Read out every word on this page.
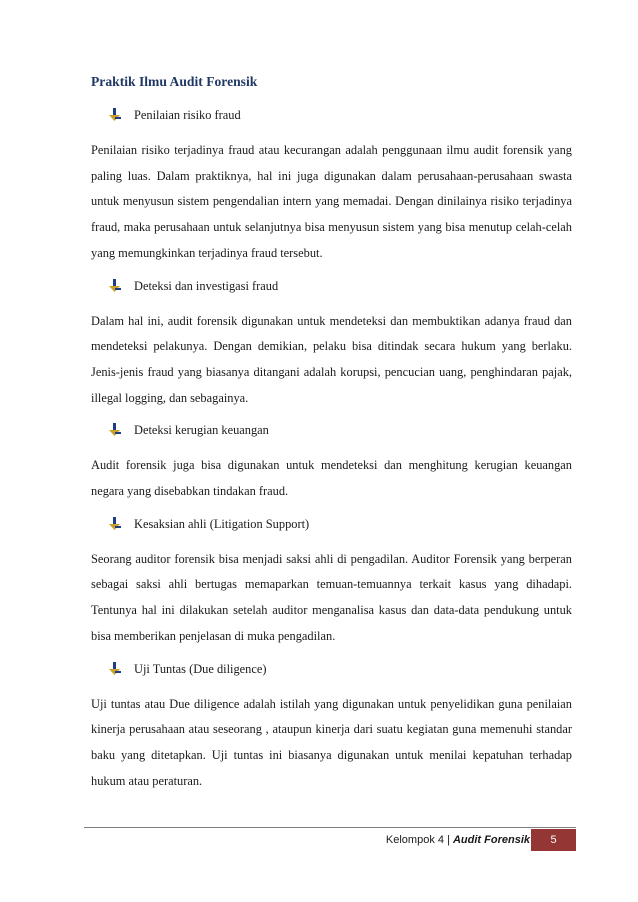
Praktik Ilmu Audit Forensik
Penilaian risiko fraud

Penilaian risiko terjadinya fraud atau kecurangan adalah penggunaan ilmu audit forensik yang paling luas. Dalam praktiknya, hal ini juga digunakan dalam perusahaan-perusahaan swasta untuk menyusun sistem pengendalian intern yang memadai. Dengan dinilainya risiko terjadinya fraud, maka perusahaan untuk selanjutnya bisa menyusun sistem yang bisa menutup celah-celah yang memungkinkan terjadinya fraud tersebut.

Deteksi dan investigasi fraud

Dalam hal ini, audit forensik digunakan untuk mendeteksi dan membuktikan adanya fraud dan mendeteksi pelakunya. Dengan demikian, pelaku bisa ditindak secara hukum yang berlaku. Jenis-jenis fraud yang biasanya ditangani adalah korupsi, pencucian uang, penghindaran pajak, illegal logging, dan sebagainya.

Deteksi kerugian keuangan

Audit forensik juga bisa digunakan untuk mendeteksi dan menghitung kerugian keuangan negara yang disebabkan tindakan fraud.

Kesaksian ahli (Litigation Support)

Seorang auditor forensik bisa menjadi saksi ahli di pengadilan. Auditor Forensik yang berperan sebagai saksi ahli bertugas memaparkan temuan-temuannya terkait kasus yang dihadapi. Tentunya hal ini dilakukan setelah auditor menganalisa kasus dan data-data pendukung untuk bisa memberikan penjelasan di muka pengadilan.

Uji Tuntas (Due diligence)

Uji tuntas atau Due diligence adalah istilah yang digunakan untuk penyelidikan guna penilaian kinerja perusahaan atau seseorang , ataupun kinerja dari suatu kegiatan guna memenuhi standar baku yang ditetapkan. Uji tuntas ini biasanya digunakan untuk menilai kepatuhan terhadap hukum atau peraturan.

Kelompok 4 | Audit Forensik 5
